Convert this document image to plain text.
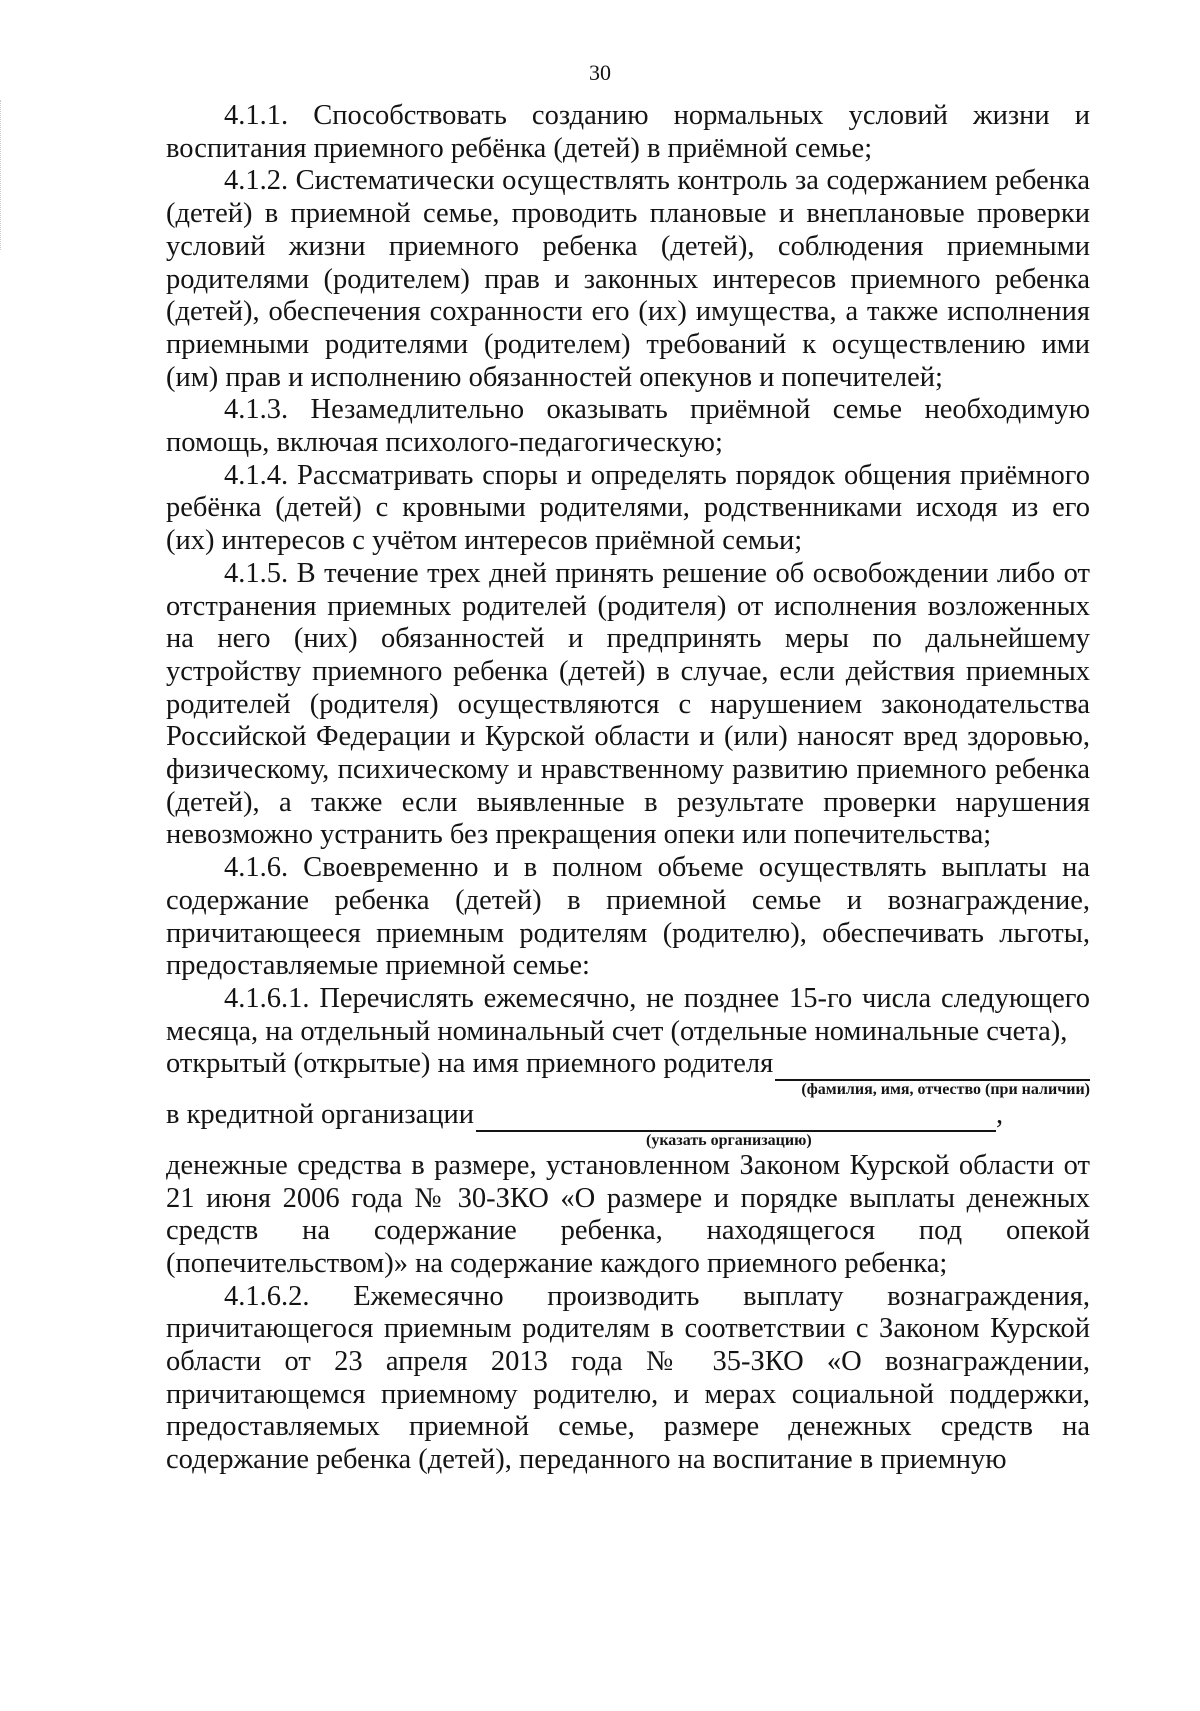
30

4.1.1. Способствовать созданию нормальных условий жизни и воспитания приемного ребёнка (детей) в приёмной семье;

4.1.2. Систематически осуществлять контроль за содержанием ребенка (детей) в приемной семье, проводить плановые и внеплановые проверки условий жизни приемного ребенка (детей), соблюдения приемными родителями (родителем) прав и законных интересов приемного ребенка (детей), обеспечения сохранности его (их) имущества, а также исполнения приемными родителями (родителем) требований к осуществлению ими (им) прав и исполнению обязанностей опекунов и попечителей;

4.1.3. Незамедлительно оказывать приёмной семье необходимую помощь, включая психолого-педагогическую;

4.1.4. Рассматривать споры и определять порядок общения приёмного ребёнка (детей) с кровными родителями, родственниками исходя из его (их) интересов с учётом интересов приёмной семьи;

4.1.5. В течение трех дней принять решение об освобождении либо от отстранения приемных родителей (родителя) от исполнения возложенных на него (них) обязанностей и предпринять меры по дальнейшему устройству приемного ребенка (детей) в случае, если действия приемных родителей (родителя) осуществляются с нарушением законодательства Российской Федерации и Курской области и (или) наносят вред здоровью, физическому, психическому и нравственному развитию приемного ребенка (детей), а также если выявленные в результате проверки нарушения невозможно устранить без прекращения опеки или попечительства;

4.1.6. Своевременно и в полном объеме осуществлять выплаты на содержание ребенка (детей) в приемной семье и вознаграждение, причитающееся приемным родителям (родителю), обеспечивать льготы, предоставляемые приемной семье:

4.1.6.1. Перечислять ежемесячно, не позднее 15-го числа следующего месяца, на отдельный номинальный счет (отдельные номинальные счета),

открытый (открытые) на имя приемного родителя
(фамилия, имя, отчество (при наличии)
в кредитной организации	,
(указать организацию)

денежные средства в размере, установленном Законом Курской области от 21 июня 2006 года № 30-ЗКО «О размере и порядке выплаты денежных средств на содержание ребенка, находящегося под опекой (попечительством)» на содержание каждого приемного ребенка;

4.1.6.2. Ежемесячно производить выплату вознаграждения, причитающегося приемным родителям в соответствии с Законом Курской области от 23 апреля 2013 года № 35-ЗКО «О вознаграждении, причитающемся приемному родителю, и мерах социальной поддержки, предоставляемых приемной семье, размере денежных средств на содержание ребенка (детей), переданного на воспитание в приемную
